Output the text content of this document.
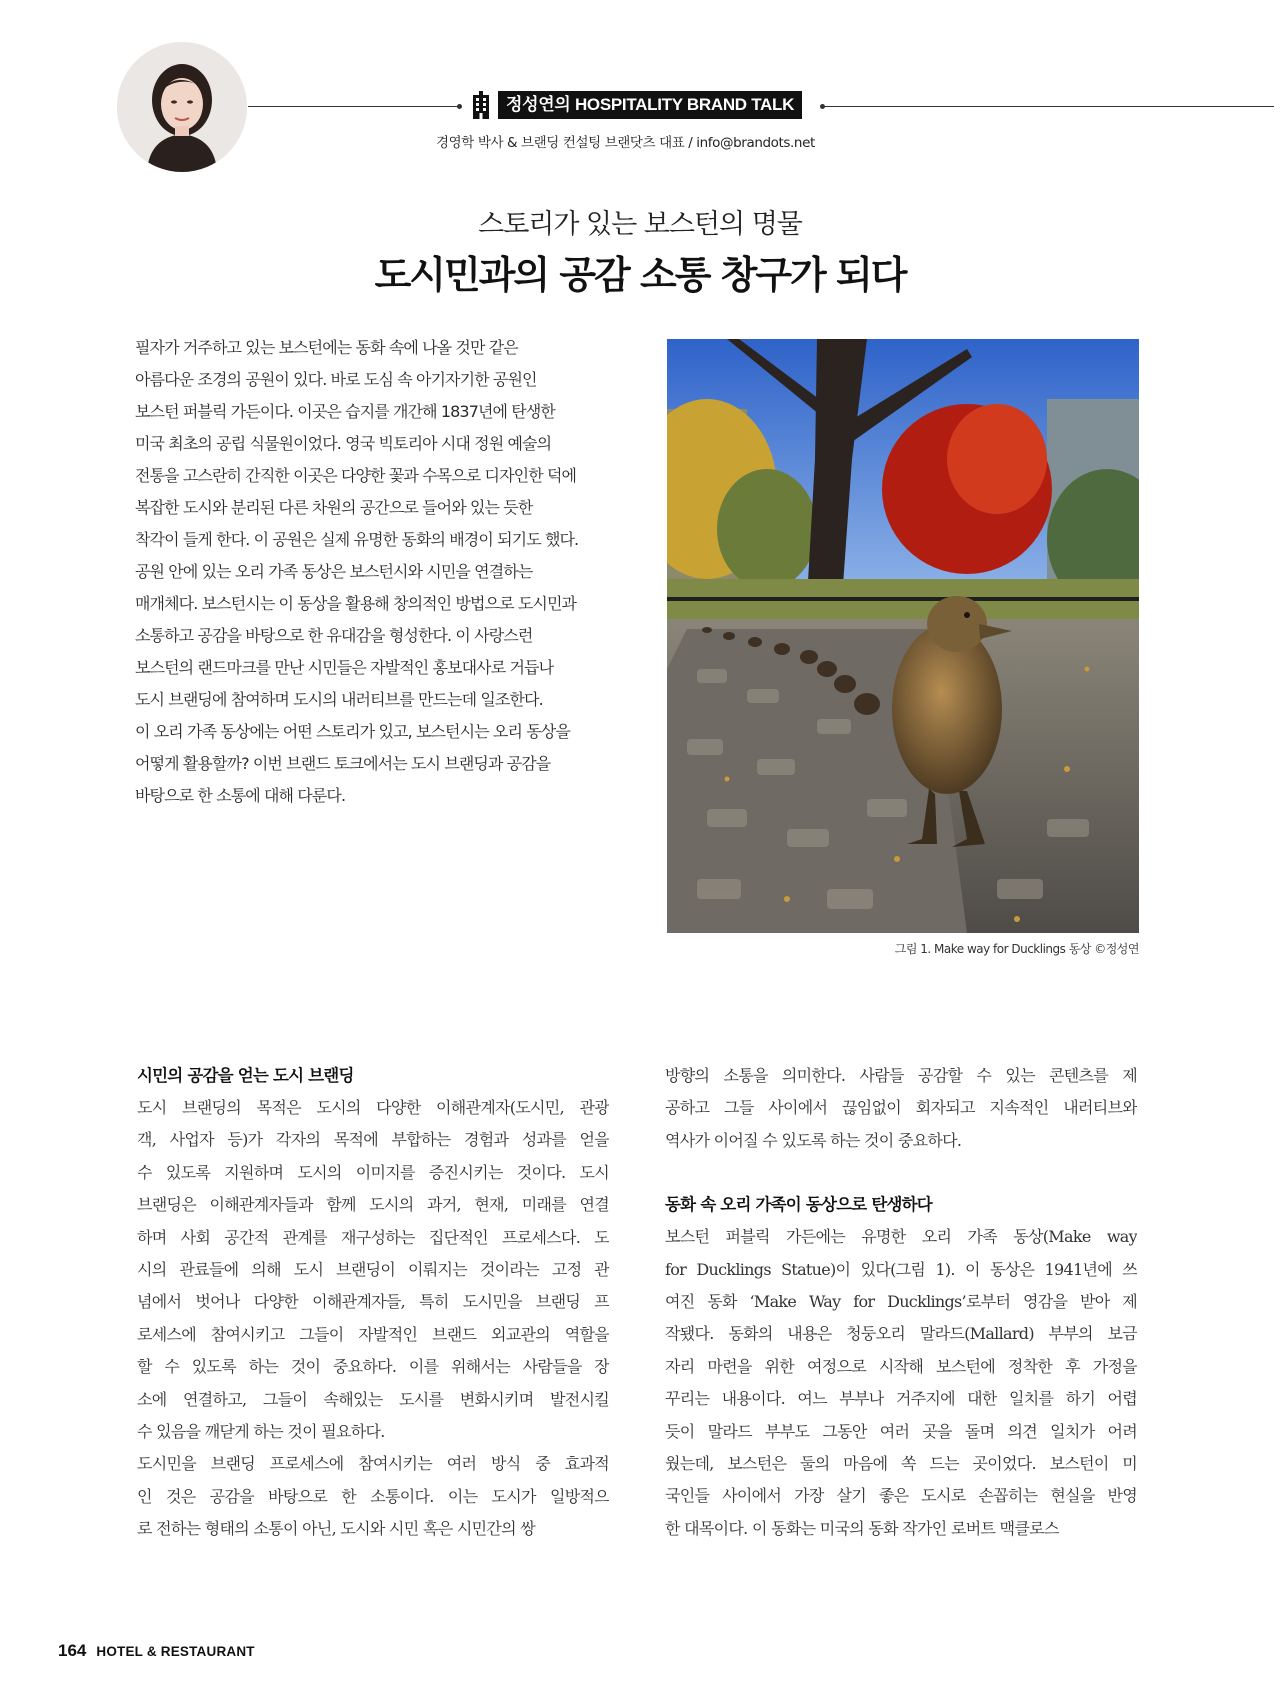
정성연의 HOSPITALITY BRAND TALK
경영학 박사 & 브랜딩 컨설팅 브랜닷츠 대표 / info@brandots.net
스토리가 있는 보스턴의 명물
도시민과의 공감 소통 창구가 되다

필자가 거주하고 있는 보스턴에는 동화 속에 나올 것만 같은

아름다운 조경의 공원이 있다. 바로 도심 속 아기자기한 공원인

보스턴 퍼블릭 가든이다. 이곳은 습지를 개간해 1837년에 탄생한

미국 최초의 공립 식물원이었다. 영국 빅토리아 시대 정원 예술의

전통을 고스란히 간직한 이곳은 다양한 꽃과 수목으로 디자인한 덕에

복잡한 도시와 분리된 다른 차원의 공간으로 들어와 있는 듯한

착각이 들게 한다. 이 공원은 실제 유명한 동화의 배경이 되기도 했다.

공원 안에 있는 오리 가족 동상은 보스턴시와 시민을 연결하는

매개체다. 보스턴시는 이 동상을 활용해 창의적인 방법으로 도시민과

소통하고 공감을 바탕으로 한 유대감을 형성한다. 이 사랑스런

보스턴의 랜드마크를 만난 시민들은 자발적인 홍보대사로 거듭나

도시 브랜딩에 참여하며 도시의 내러티브를 만드는데 일조한다.

이 오리 가족 동상에는 어떤 스토리가 있고, 보스턴시는 오리 동상을

어떻게 활용할까? 이번 브랜드 토크에서는 도시 브랜딩과 공감을

바탕으로 한 소통에 대해 다룬다.

그림 1. Make way for Ducklings 동상 ©정성연
시민의 공감을 얻는 도시 브랜딩
도시 브랜딩의 목적은 도시의 다양한 이해관계자(도시민, 관광
객, 사업자 등)가 각자의 목적에 부합하는 경험과 성과를 얻을
수 있도록 지원하며 도시의 이미지를 증진시키는 것이다. 도시
브랜딩은 이해관계자들과 함께 도시의 과거, 현재, 미래를 연결
하며 사회 공간적 관계를 재구성하는 집단적인 프로세스다. 도
시의 관료들에 의해 도시 브랜딩이 이뤄지는 것이라는 고정 관
념에서 벗어나 다양한 이해관계자들, 특히 도시민을 브랜딩 프
로세스에 참여시키고 그들이 자발적인 브랜드 외교관의 역할을
할 수 있도록 하는 것이 중요하다. 이를 위해서는 사람들을 장
소에 연결하고, 그들이 속해있는 도시를 변화시키며 발전시킬
수 있음을 깨닫게 하는 것이 필요하다.
도시민을 브랜딩 프로세스에 참여시키는 여러 방식 중 효과적
인 것은 공감을 바탕으로 한 소통이다. 이는 도시가 일방적으
로 전하는 형태의 소통이 아닌, 도시와 시민 혹은 시민간의 쌍
방향의 소통을 의미한다. 사람들 공감할 수 있는 콘텐츠를 제
공하고 그들 사이에서 끊임없이 회자되고 지속적인 내러티브와
역사가 이어질 수 있도록 하는 것이 중요하다.
동화 속 오리 가족이 동상으로 탄생하다
보스턴 퍼블릭 가든에는 유명한 오리 가족 동상(Make way
for Ducklings Statue)이 있다(그림 1). 이 동상은 1941년에 쓰
여진 동화 ‘Make Way for Ducklings’로부터 영감을 받아 제
작됐다. 동화의 내용은 청둥오리 말라드(Mallard) 부부의 보금
자리 마련을 위한 여정으로 시작해 보스턴에 정착한 후 가정을
꾸리는 내용이다. 여느 부부나 거주지에 대한 일치를 하기 어렵
듯이 말라드 부부도 그동안 여러 곳을 돌며 의견 일치가 어려
웠는데, 보스턴은 둘의 마음에 쏙 드는 곳이었다. 보스턴이 미
국인들 사이에서 가장 살기 좋은 도시로 손꼽히는 현실을 반영
한 대목이다. 이 동화는 미국의 동화 작가인 로버트 맥클로스
164 HOTEL & RESTAURANT
